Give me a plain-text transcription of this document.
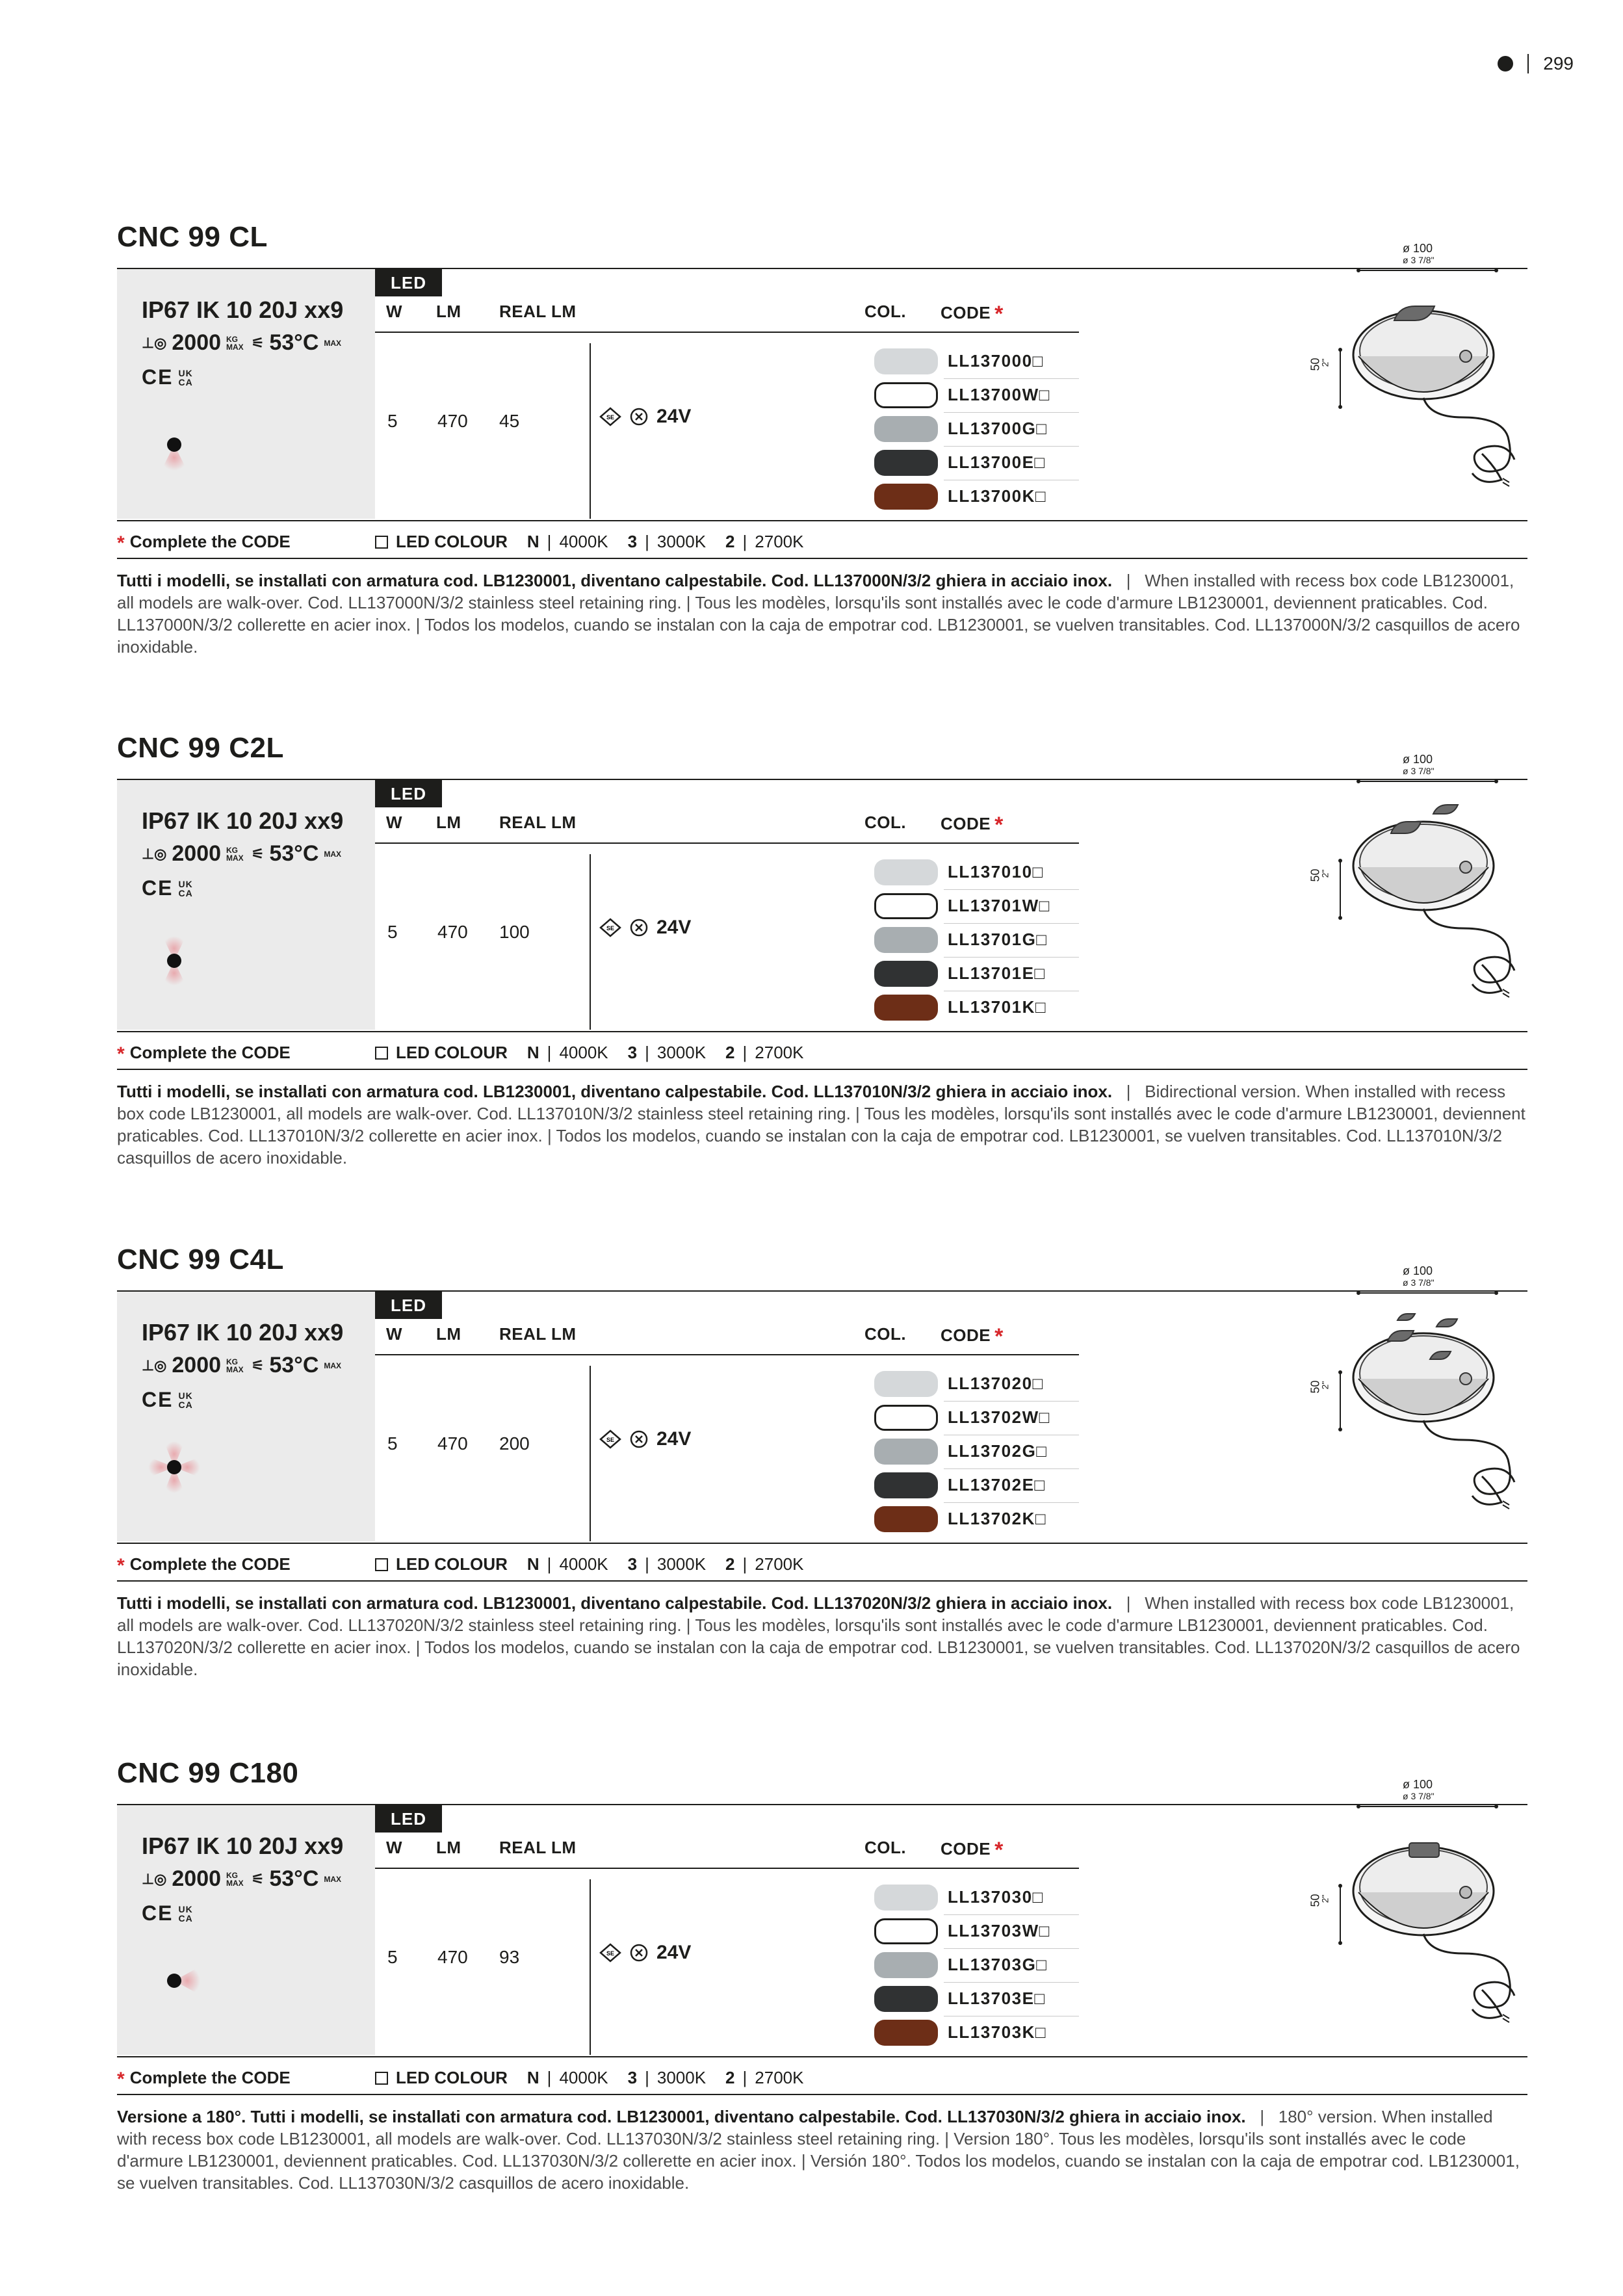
299
CNC 99 CL
IP67 IK 10 20J xx9
⊥◎ 2000 KG
MAX ⚟ 53°C MAX
CE UK
CA
LED
W LM REAL LM	COL. CODE *
5 470 45	SE 24V
LL137000□
LL13700W□
LL13700G□
LL13700E□
LL13700K□
ø 100
ø 3 7/8"
50
2"
* Complete the CODE	LED COLOUR N | 4000K 3 | 3000K 2 | 2700K
Tutti i modelli, se installati con armatura cod. LB1230001, diventano calpestabile. Cod. LL137000N/3/2 ghiera in acciaio inox.   |   When installed with recess box code LB1230001, all models are walk-over. Cod. LL137000N/3/2 stainless steel retaining ring. | Tous les modèles, lorsqu'ils sont installés avec le code d'armure LB1230001, deviennent praticables. Cod. LL137000N/3/2 collerette en acier inox. | Todos los modelos, cuando se instalan con la caja de empotrar cod. LB1230001, se vuelven transitables. Cod. LL137000N/3/2 casquillos de acero inoxidable.
CNC 99 C2L
IP67 IK 10 20J xx9
⊥◎ 2000 KG
MAX ⚟ 53°C MAX
CE UK
CA
LED
W LM REAL LM	COL. CODE *
5 470 100	SE 24V
LL137010□
LL13701W□
LL13701G□
LL13701E□
LL13701K□
ø 100
ø 3 7/8"
50
2"
* Complete the CODE	LED COLOUR N | 4000K 3 | 3000K 2 | 2700K
Tutti i modelli, se installati con armatura cod. LB1230001, diventano calpestabile. Cod. LL137010N/3/2 ghiera in acciaio inox.   |   Bidirectional version. When installed with recess box code LB1230001, all models are walk-over. Cod. LL137010N/3/2 stainless steel retaining ring. | Tous les modèles, lorsqu'ils sont installés avec le code d'armure LB1230001, deviennent praticables. Cod. LL137010N/3/2 collerette en acier inox. | Todos los modelos, cuando se instalan con la caja de empotrar cod. LB1230001, se vuelven transitables. Cod. LL137010N/3/2 casquillos de acero inoxidable.
CNC 99 C4L
IP67 IK 10 20J xx9
⊥◎ 2000 KG
MAX ⚟ 53°C MAX
CE UK
CA
LED
W LM REAL LM	COL. CODE *
5 470 200	SE 24V
LL137020□
LL13702W□
LL13702G□
LL13702E□
LL13702K□
ø 100
ø 3 7/8"
50
2"
* Complete the CODE	LED COLOUR N | 4000K 3 | 3000K 2 | 2700K
Tutti i modelli, se installati con armatura cod. LB1230001, diventano calpestabile. Cod. LL137020N/3/2 ghiera in acciaio inox.   |   When installed with recess box code LB1230001, all models are walk-over. Cod. LL137020N/3/2 stainless steel retaining ring. | Tous les modèles, lorsqu'ils sont installés avec le code d'armure LB1230001, deviennent praticables. Cod. LL137020N/3/2 collerette en acier inox. | Todos los modelos, cuando se instalan con la caja de empotrar cod. LB1230001, se vuelven transitables. Cod. LL137020N/3/2 casquillos de acero inoxidable.
CNC 99 C180
IP67 IK 10 20J xx9
⊥◎ 2000 KG
MAX ⚟ 53°C MAX
CE UK
CA
LED
W LM REAL LM	COL. CODE *
5 470 93	SE 24V
LL137030□
LL13703W□
LL13703G□
LL13703E□
LL13703K□
ø 100
ø 3 7/8"
50
2"
* Complete the CODE	LED COLOUR N | 4000K 3 | 3000K 2 | 2700K
Versione a 180°. Tutti i modelli, se installati con armatura cod. LB1230001, diventano calpestabile. Cod. LL137030N/3/2 ghiera in acciaio inox.   |   180° version. When installed with recess box code LB1230001, all models are walk-over. Cod. LL137030N/3/2 stainless steel retaining ring. | Version 180°. Tous les modèles, lorsqu'ils sont installés avec le code d'armure LB1230001, deviennent praticables. Cod. LL137030N/3/2 collerette en acier inox. | Versión 180°. Todos los modelos, cuando se instalan con la caja de empotrar cod. LB1230001, se vuelven transitables. Cod. LL137030N/3/2 casquillos de acero inoxidable.
